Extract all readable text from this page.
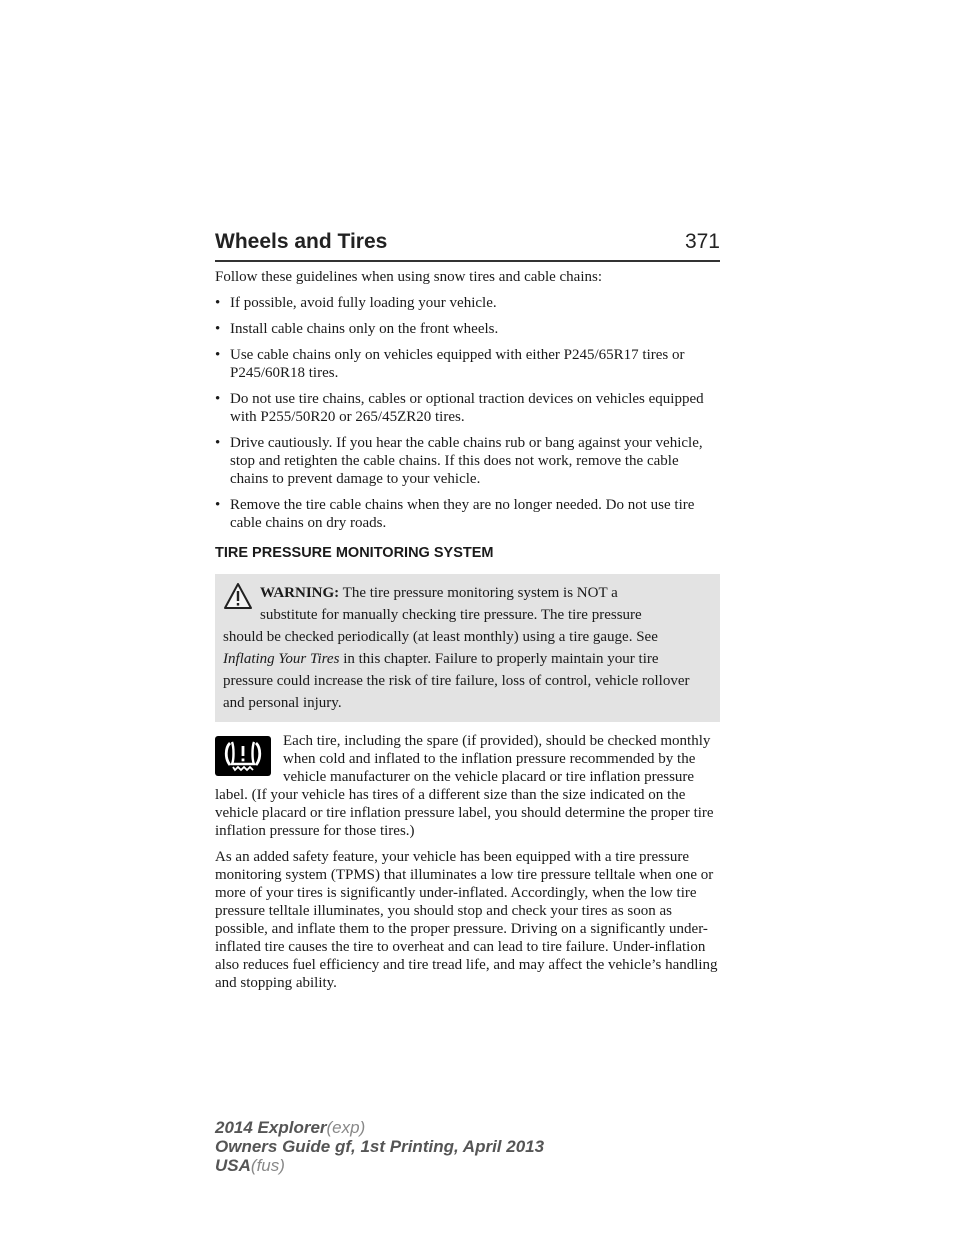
Wheels and Tires	371

Follow these guidelines when using snow tires and cable chains:

• If possible, avoid fully loading your vehicle.
• Install cable chains only on the front wheels.
• Use cable chains only on vehicles equipped with either P245/65R17 tires or P245/60R18 tires.
• Do not use tire chains, cables or optional traction devices on vehicles equipped with P255/50R20 or 265/45ZR20 tires.
• Drive cautiously. If you hear the cable chains rub or bang against your vehicle, stop and retighten the cable chains. If this does not work, remove the cable chains to prevent damage to your vehicle.
• Remove the tire cable chains when they are no longer needed. Do not use tire cable chains on dry roads.
TIRE PRESSURE MONITORING SYSTEM
WARNING: The tire pressure monitoring system is NOT a
substitute for manually checking tire pressure. The tire pressure
should be checked periodically (at least monthly) using a tire gauge. See Inflating Your Tires in this chapter. Failure to properly maintain your tire pressure could increase the risk of tire failure, loss of control, vehicle rollover and personal injury.

Each tire, including the spare (if provided), should be checked monthly when cold and inflated to the inflation pressure recommended by the vehicle manufacturer on the vehicle placard or tire inflation pressure label. (If your vehicle has tires of a different size than the size indicated on the vehicle placard or tire inflation pressure label, you should determine the proper tire inflation pressure for those tires.)

As an added safety feature, your vehicle has been equipped with a tire pressure monitoring system (TPMS) that illuminates a low tire pressure telltale when one or more of your tires is significantly under-inflated. Accordingly, when the low tire pressure telltale illuminates, you should stop and check your tires as soon as possible, and inflate them to the proper pressure. Driving on a significantly under-inflated tire causes the tire to overheat and can lead to tire failure. Under-inflation also reduces fuel efficiency and tire tread life, and may affect the vehicle’s handling and stopping ability.

2014 Explorer(exp)
Owners Guide gf, 1st Printing, April 2013
USA(fus)
